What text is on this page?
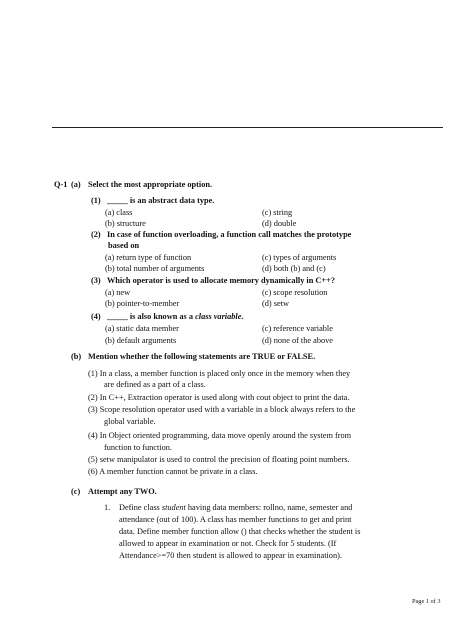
Q-1 (a) Select the most appropriate option.
(1) _____ is an abstract data type.
(a) class	(c) string
(b) structure	(d) double
(2) In case of function overloading, a function call matches the prototype
based on
(a) return type of function	(c) types of arguments
(b) total number of arguments	(d) both (b) and (c)
(3) Which operator is used to allocate memory dynamically in C++?
(a) new	(c) scope resolution
(b) pointer-to-member	(d) setw
(4) _____ is also known as a class variable.
(a) static data member	(c) reference variable
(b) default arguments	(d) none of the above
(b) Mention whether the following statements are TRUE or FALSE.
(1) In a class, a member function is placed only once in the memory when they
are defined as a part of a class.
(2) In C++, Extraction operator is used along with cout object to print the data.
(3) Scope resolution operator used with a variable in a block always refers to the
global variable.
(4) In Object oriented programming, data move openly around the system from
function to function.
(5) setw manipulator is used to control the precision of floating point numbers.
(6) A member function cannot be private in a class.
(c) Attempt any TWO.
1. Define class student having data members: rollno, name, semester and
attendance (out of 100). A class has member functions to get and print
data. Define member function allow () that checks whether the student is
allowed to appear in examination or not. Check for 5 students. (If
Attendance>=70 then student is allowed to appear in examination).
Page 1 of 3
